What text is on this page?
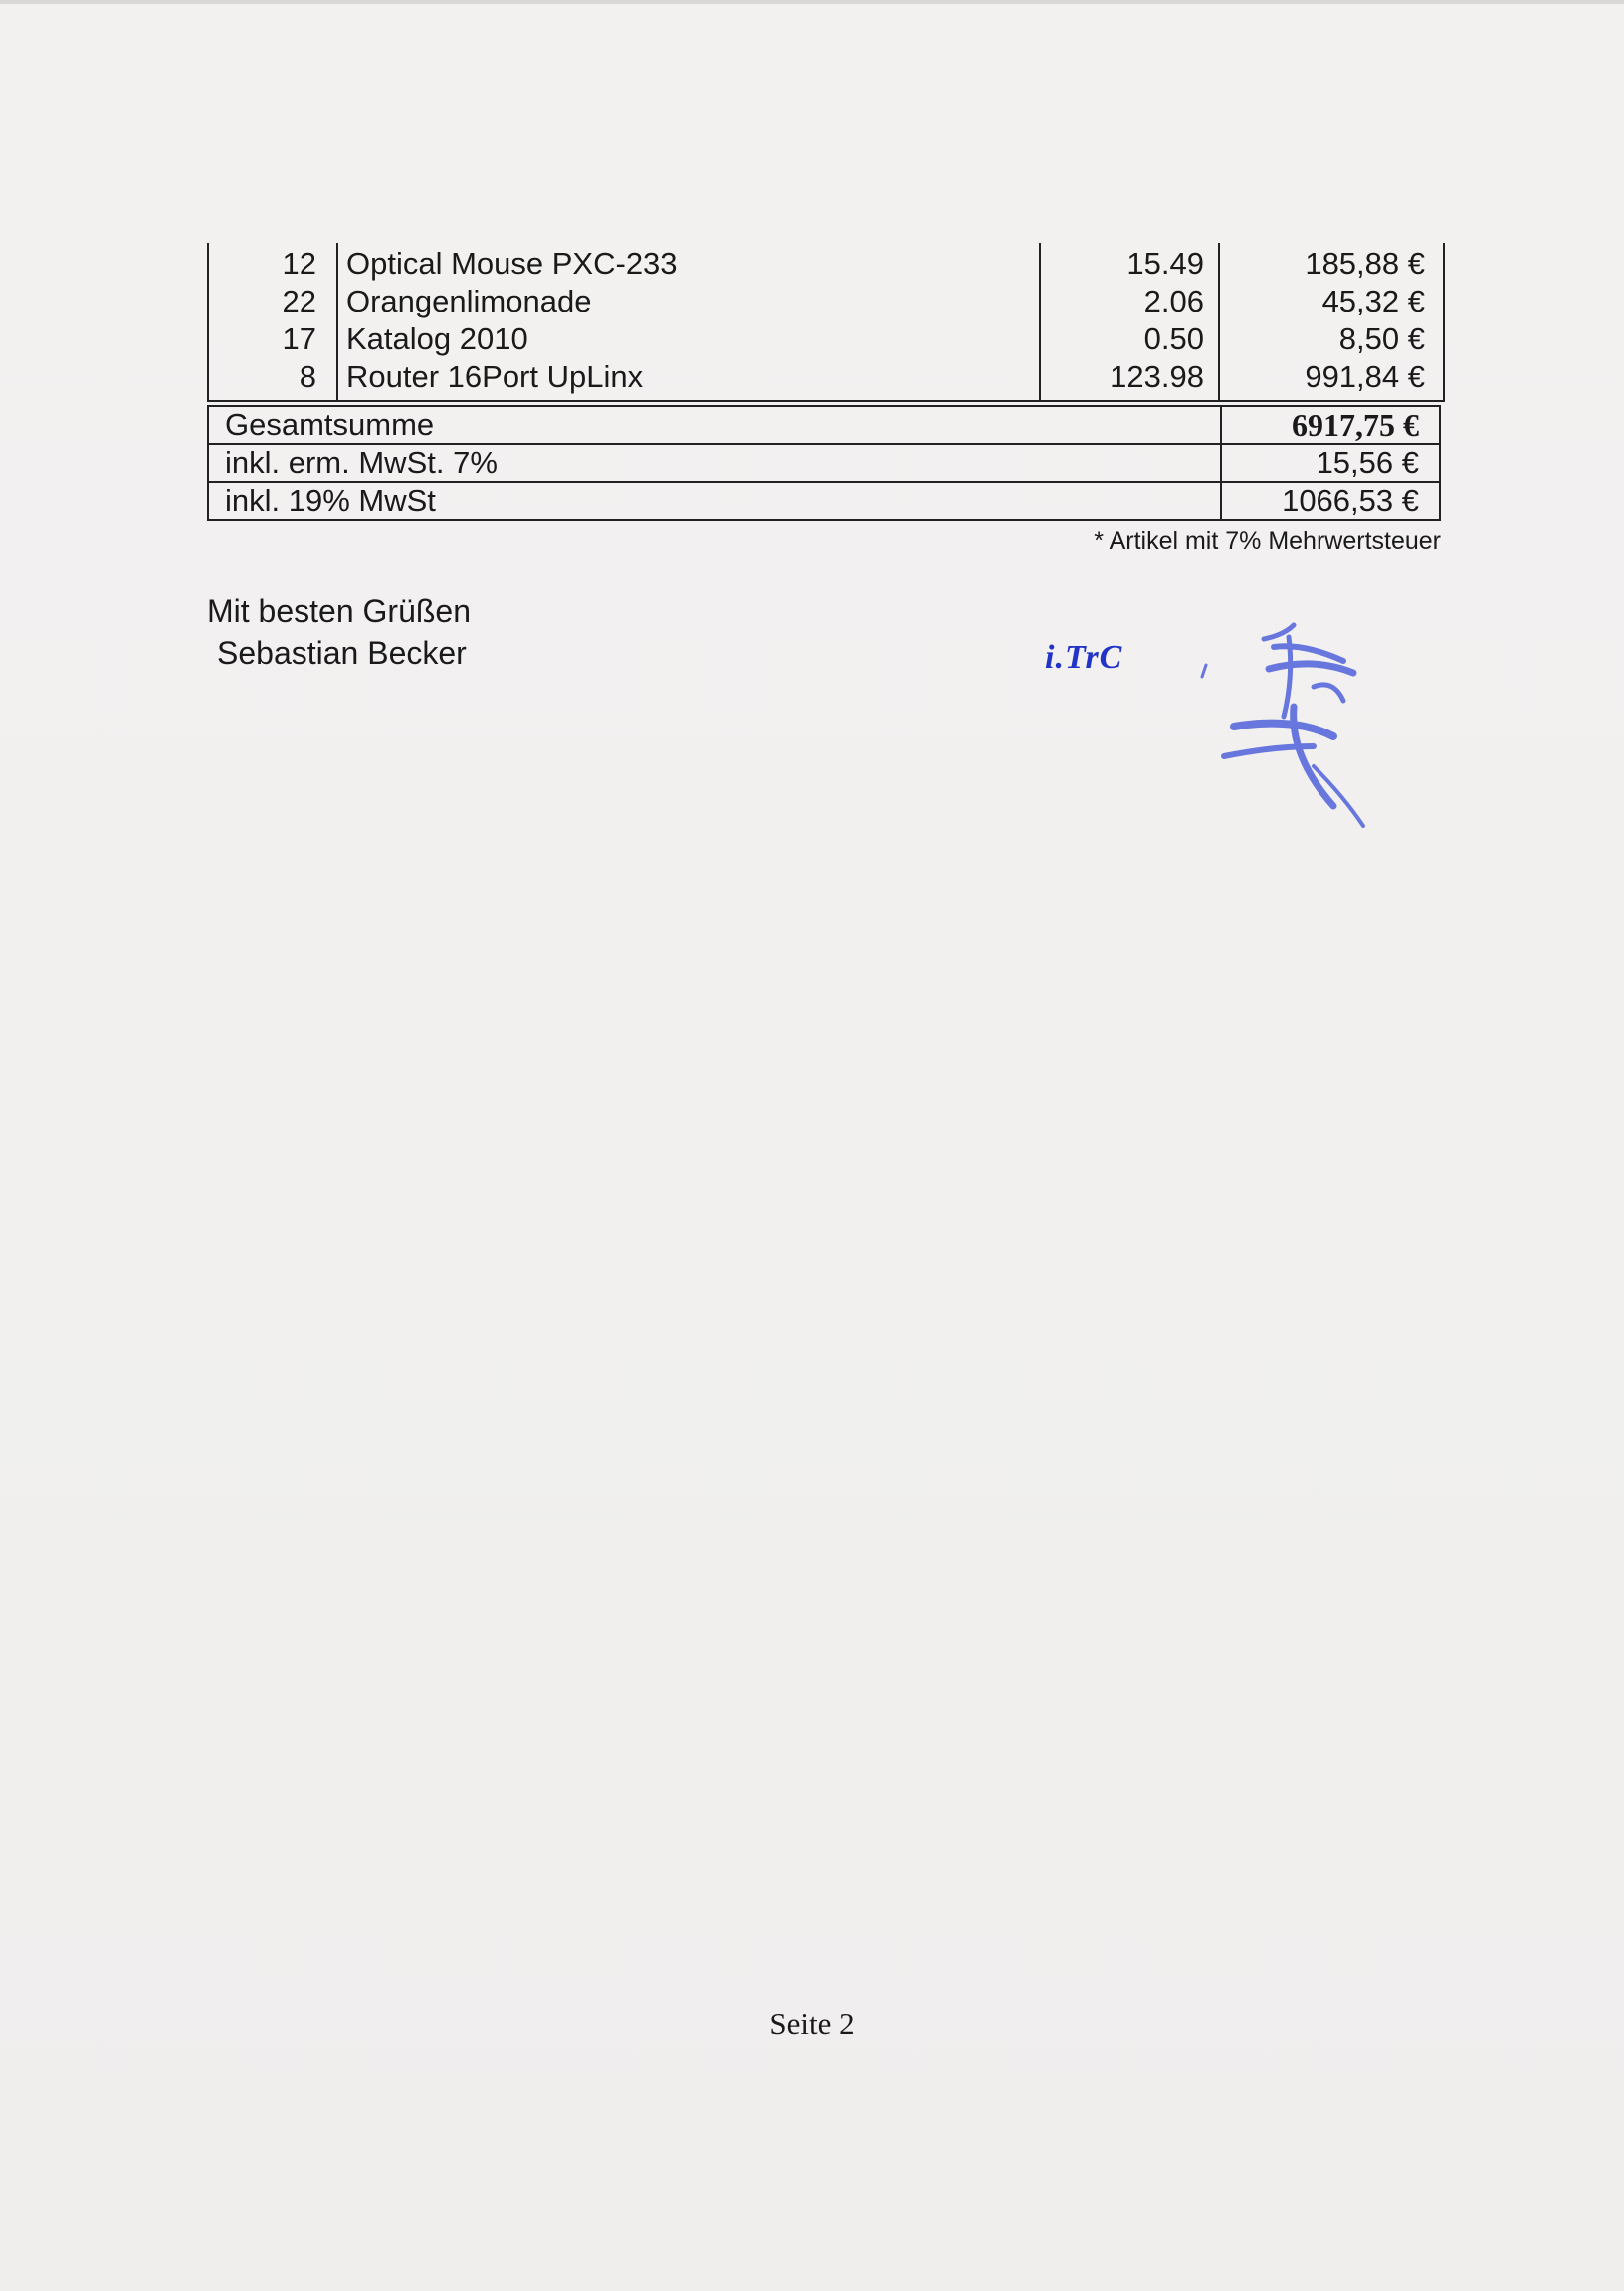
12 Optical Mouse PXC-233	15.49	185,88 €
22 Orangenlimonade	2.06	45,32 €
17 Katalog 2010	0.50	8,50 €
8 Router 16Port UpLinx	123.98	991,84 €
Gesamtsumme	6917,75 €
inkl. erm. MwSt. 7%	15,56 €
inkl. 19% MwSt	1066,53 €
* Artikel mit 7% Mehrwertsteuer
Mit besten Grüßen
Sebastian Becker	i.TrC
Seite 2
